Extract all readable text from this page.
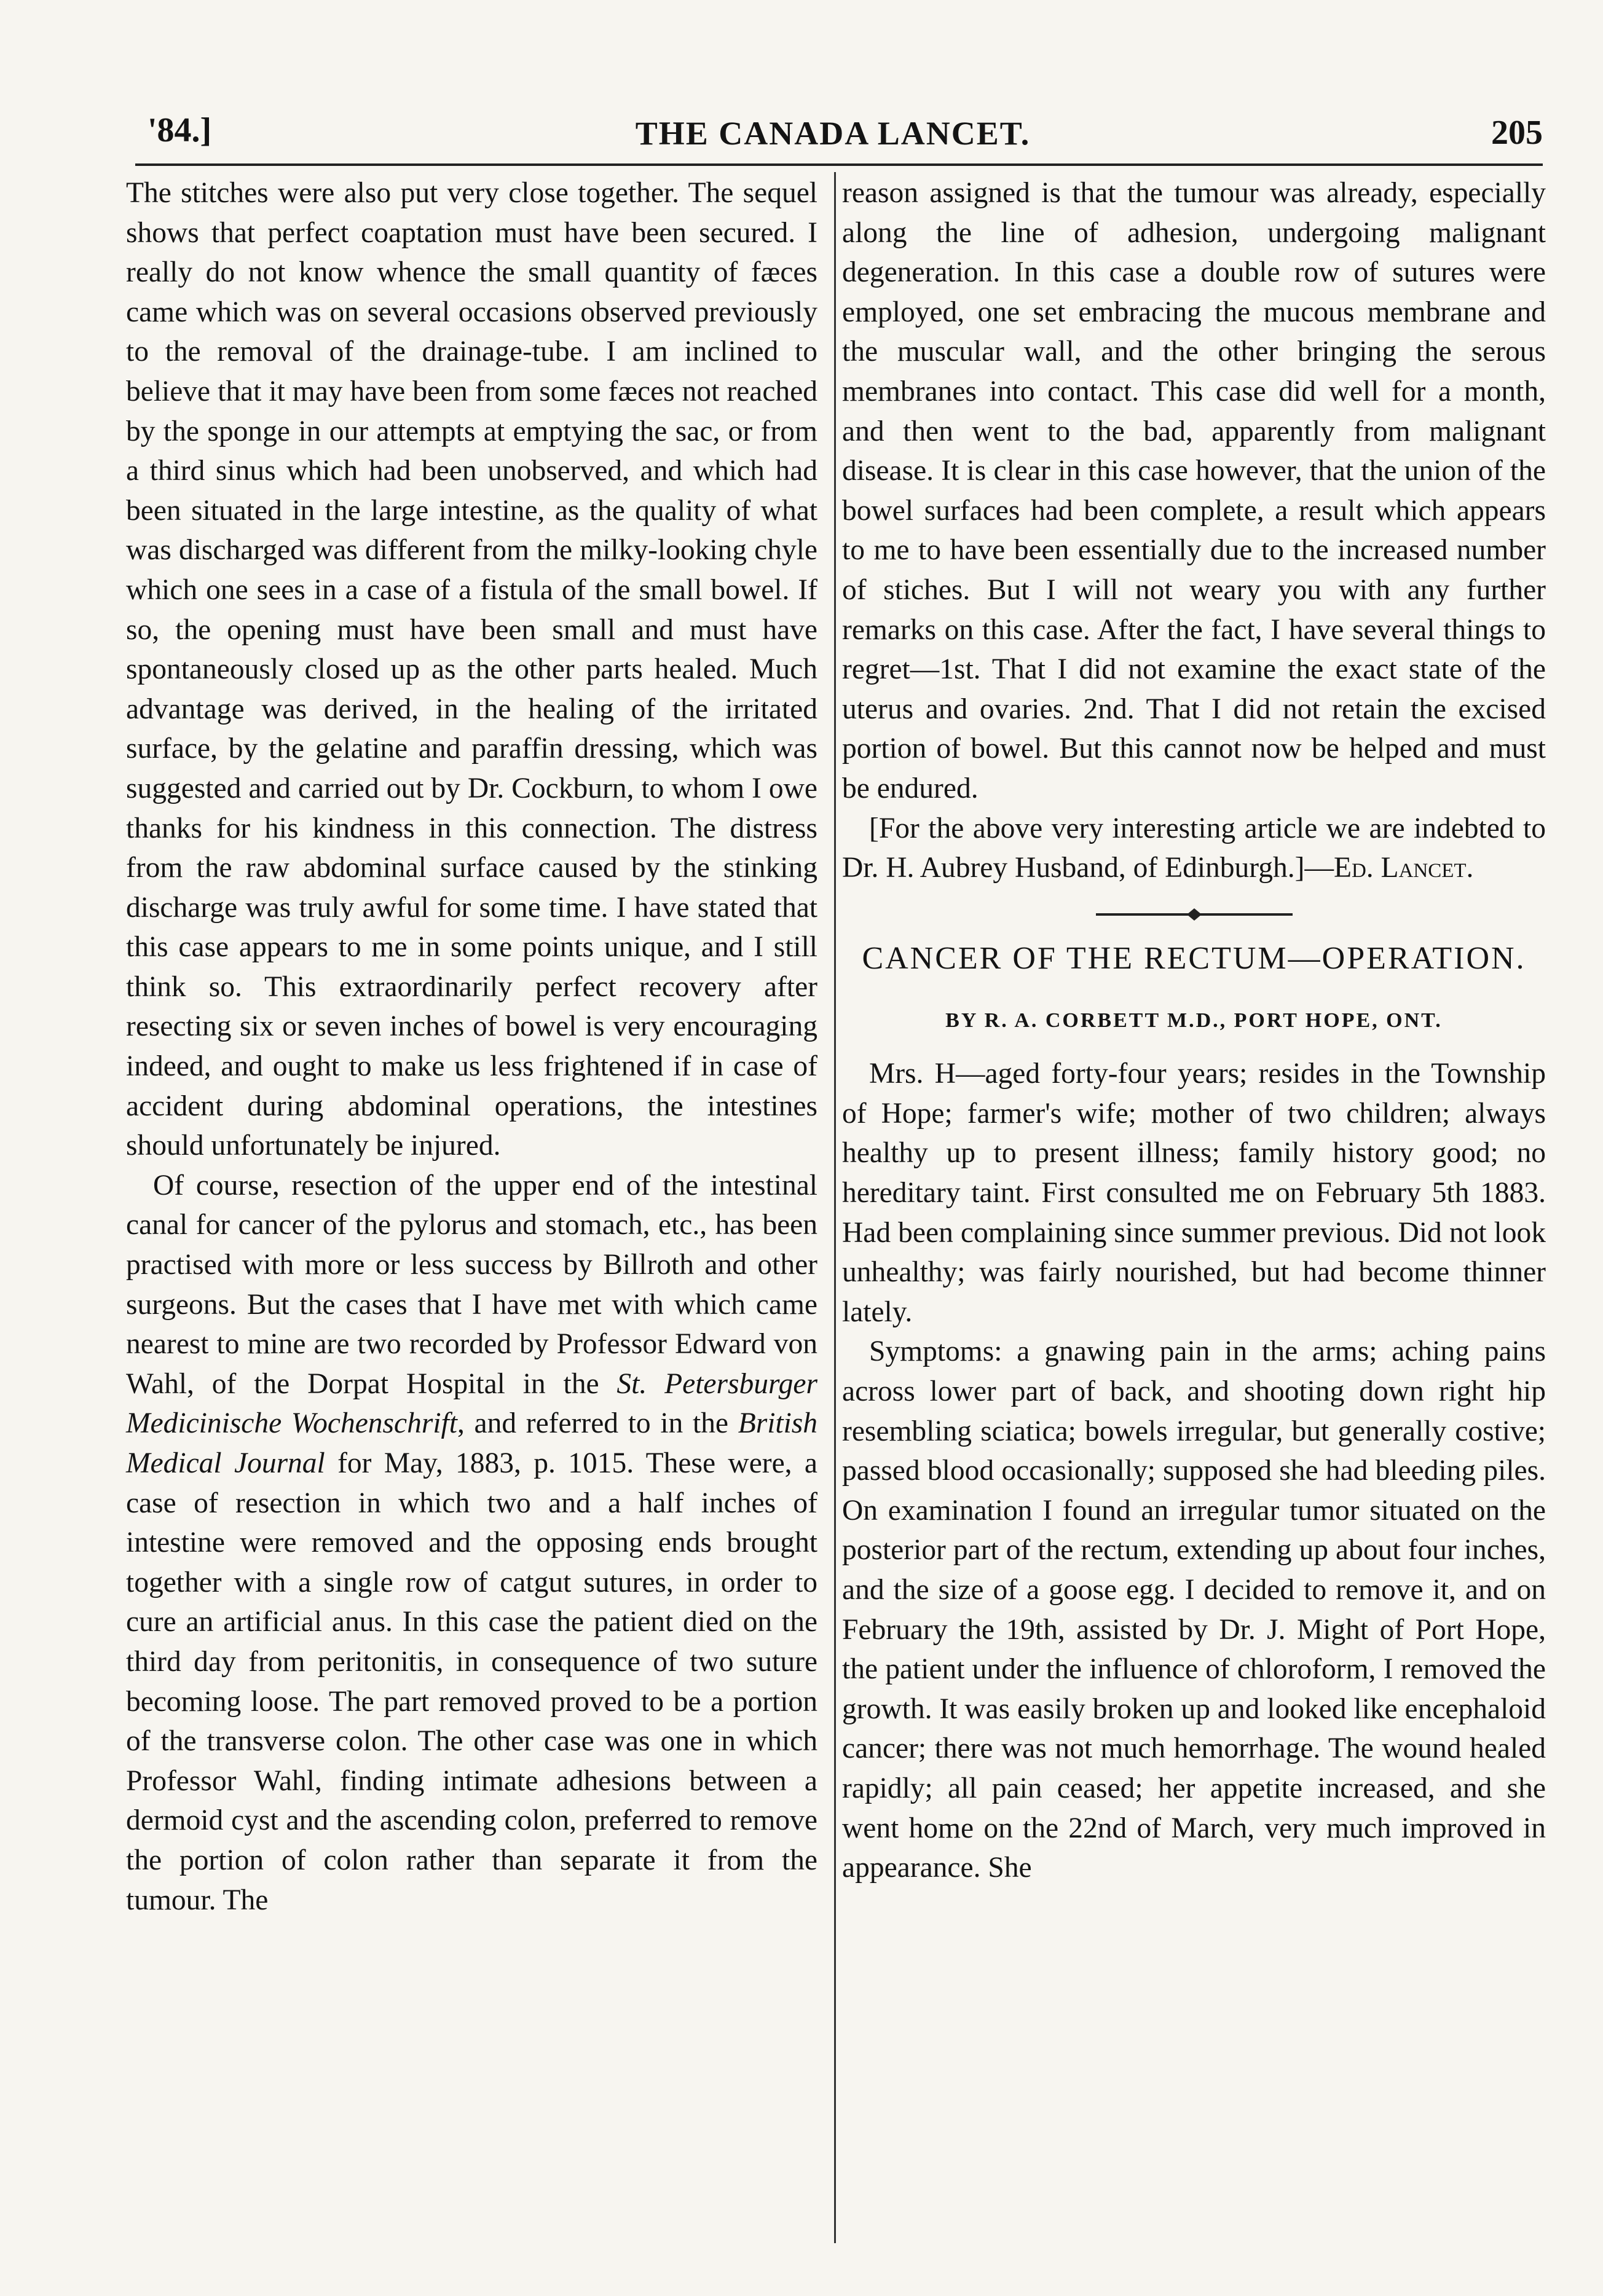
'84.]	THE CANADA LANCET.	205

The stitches were also put very close together. The sequel shows that perfect coaptation must have been secured. I really do not know whence the small quantity of fæces came which was on several occasions observed previously to the removal of the drainage-tube. I am inclined to believe that it may have been from some fæces not reached by the sponge in our attempts at emptying the sac, or from a third sinus which had been unobserved, and which had been situated in the large intestine, as the quality of what was discharged was different from the milky-looking chyle which one sees in a case of a fistula of the small bowel. If so, the opening must have been small and must have spontaneously closed up as the other parts healed. Much advantage was derived, in the healing of the irritated surface, by the gelatine and paraffin dressing, which was suggested and carried out by Dr. Cockburn, to whom I owe thanks for his kindness in this connection. The distress from the raw abdominal surface caused by the stinking discharge was truly awful for some time. I have stated that this case appears to me in some points unique, and I still think so. This extraordinarily perfect recovery after resecting six or seven inches of bowel is very encouraging indeed, and ought to make us less frightened if in case of accident during abdominal operations, the intestines should unfortunately be injured.

Of course, resection of the upper end of the intestinal canal for cancer of the pylorus and stomach, etc., has been practised with more or less success by Billroth and other surgeons. But the cases that I have met with which came nearest to mine are two recorded by Professor Edward von Wahl, of the Dorpat Hospital in the St. Petersburger Medicinische Wochenschrift, and referred to in the British Medical Journal for May, 1883, p. 1015. These were, a case of resection in which two and a half inches of intestine were removed and the opposing ends brought together with a single row of catgut sutures, in order to cure an artificial anus. In this case the patient died on the third day from peritonitis, in consequence of two suture becoming loose. The part removed proved to be a portion of the transverse colon. The other case was one in which Professor Wahl, finding intimate adhesions between a dermoid cyst and the ascending colon, preferred to remove the portion of colon rather than separate it from the tumour. The

reason assigned is that the tumour was already, especially along the line of adhesion, undergoing malignant degeneration. In this case a double row of sutures were employed, one set embracing the mucous membrane and the muscular wall, and the other bringing the serous membranes into contact. This case did well for a month, and then went to the bad, apparently from malignant disease. It is clear in this case however, that the union of the bowel surfaces had been complete, a result which appears to me to have been essentially due to the increased number of stiches. But I will not weary you with any further remarks on this case. After the fact, I have several things to regret—1st. That I did not examine the exact state of the uterus and ovaries. 2nd. That I did not retain the excised portion of bowel. But this cannot now be helped and must be endured.

[For the above very interesting article we are indebted to Dr. H. Aubrey Husband, of Edinburgh.]—Ed. Lancet.

CANCER OF THE RECTUM—OPERATION.
BY R. A. CORBETT M.D., PORT HOPE, ONT.

Mrs. H—aged forty-four years; resides in the Township of Hope; farmer's wife; mother of two children; always healthy up to present illness; family history good; no hereditary taint. First consulted me on February 5th 1883. Had been complaining since summer previous. Did not look unhealthy; was fairly nourished, but had become thinner lately.

Symptoms: a gnawing pain in the arms; aching pains across lower part of back, and shooting down right hip resembling sciatica; bowels irregular, but generally costive; passed blood occasionally; supposed she had bleeding piles. On examination I found an irregular tumor situated on the posterior part of the rectum, extending up about four inches, and the size of a goose egg. I decided to remove it, and on February the 19th, assisted by Dr. J. Might of Port Hope, the patient under the influence of chloroform, I removed the growth. It was easily broken up and looked like encephaloid cancer; there was not much hemorrhage. The wound healed rapidly; all pain ceased; her appetite increased, and she went home on the 22nd of March, very much improved in appearance. She
